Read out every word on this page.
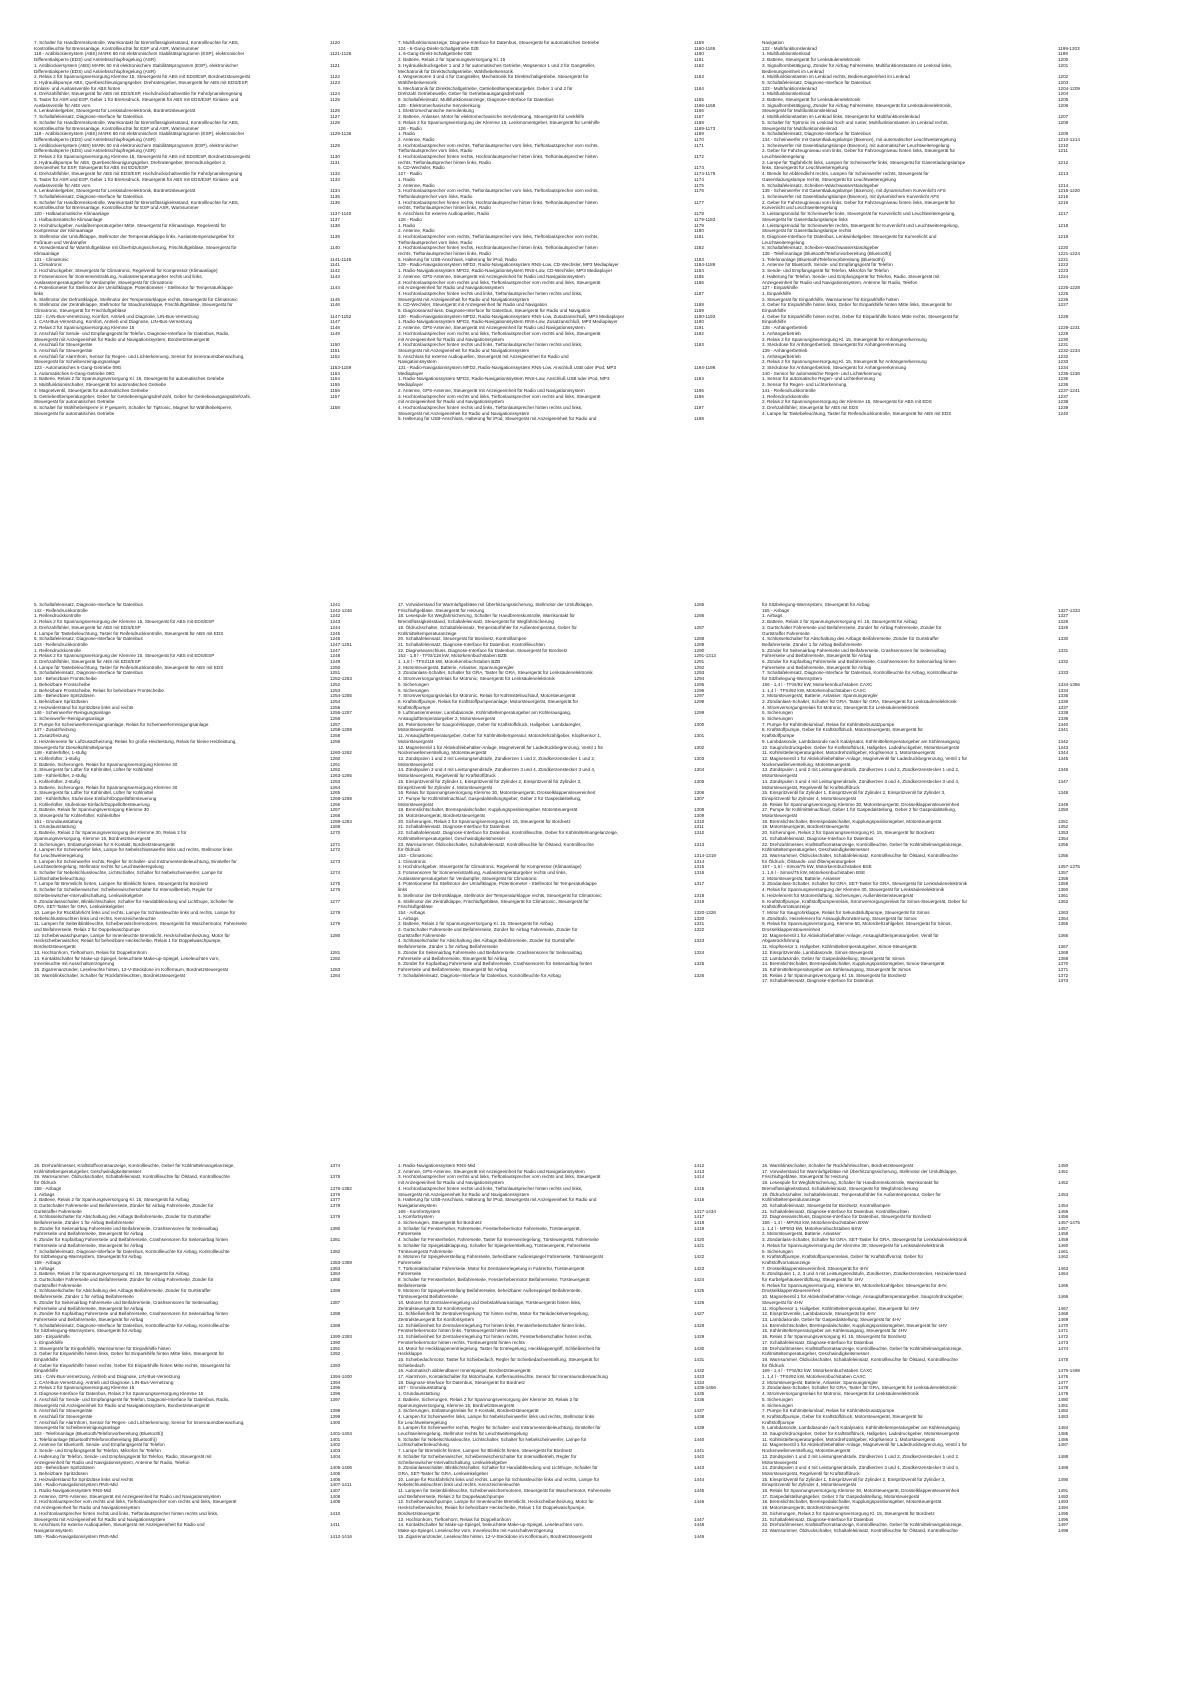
7. Schalter für Handbremskontrolle, Warnkontakt für Bremsflüssigkeitsstand, Kontrollleuchte für ABS,	1120
Kontrollleuchte für Bremsanlage, Kontrollleuchte für ESP und ASR, Warnsummer
118 - Antiblockiersystem (ABS) MARK 60 mit elektronischem Stabilitätsprogramm (ESP), elektronischer	1121-1128
Differentialsperre (EDS) und Antriebsschlupfregelung (ASR)
1. Antiblockiersystem (ABS) MARK 60 mit elektronischem Stabilitätsprogramm (ESP), elektronischer	1121
Differentialsperre (EDS) und Antriebsschlupfregelung (ASR)
2. Relais 2 für Spannungsversorgung Klemme 15, Steuergerät für ABS mit EDS/ESP, Bordnetzsteuergerät	1122
3. Hydraulikpumpe ABS, Querbeschleunigungsgeber, Drehratengeber, Steuergerät für ABS mit EDS/ESP,	1123
Einlass- und Auslassventile für ABS hinten
4. Drehzahlfühler, Steuergerät für ABS mit EDS/ESP, Hochdruckschaltventile für Fahrdynamikregelung	1124
5. Taster für ASR und ESP, Geber 1 für Bremsdruck, Steuergerät für ABS mit EDS/ESP, Einlass- und	1125
Auslassventile für ABS vorn
6. Lenkwinkelgeber, Steuergerät für Lenksäulenelektronik, Bordnetzsteuergerät	1126
7. Schaltafeleinsatz, Diagnose-Interface für Datenbus	1127
8. Schalter für Handbremskontrolle, Warnkontakt für Bremsflüssigkeitsstand, Kontrollleuchte für ABS,	1128
Kontrollleuchte für Bremsanlage, Kontrollleuchte für ESP und ASR, Warnsummer
119 - Antiblockiersystem (ABS) MARK 60 mit elektronischem Stabilitätsprogramm (ESP), elektronischer	1129-1136
Differentialsperre (EDS) und Antriebsschlupfregelung (ASR)
1. Antiblockiersystem (ABS) MARK 60 mit elektronischem Stabilitätsprogramm (ESP), elektronischer	1129
Differentialsperre (EDS) und Antriebsschlupfregelung (ASR)
2. Relais 2 für Spannungsversorgung Klemme 15, Steuergerät für ABS mit EDS/ESP, Bordnetzsteuergerät	1130
3. Hydraulikpumpe für ABS, Querbeschleunigungsgeber, Drehratengeber, Bremsdruckgeber 2,	1131
Servoeinheit für ESP, Steuergerät für ABS mit EDS/ESP
4. Drehzahlfühler, Steuergerät für ABS mit EDS/ESP, Hochdruckschaltventile für Fahrdynamikregelung	1132
5. Taster für ASR und ESP, Geber 1 für Bremsdruck, Steuergerät für ABS mit EDS/ESP, Einlass- und	1133
Auslassventile für ABS vorn
6. Lenkwinkelgeber, Steuergerät für Lenksäulenelektronik, Bordnetzsteuergerät	1134
7. Schaltafeleinsatz, Diagnose-Interface für Datenbus	1135
8. Schalter für Handbremskontrolle, Warnkontakt für Bremsflüssigkeitsstand, Kontrollleuchte für ABS,	1136
Kontrollleuchte für Bremsanlage, Kontrollleuchte für ESP und ASR, Warnsummer
120 - Halbautomatische Klimaanlage	1137-1140
1. Halbautomatische Klimaanlage	1137
2. Hochdruckgeber, Auslaßtemperaturgeber Mitte, Steuergerät für Klimaanlage, Regelventil für	1138
Kompressor der Klimaanlage
3. Stellmotor der Umluftklappe, Stellmotor der Temperaturklappe links, Auslasstemperaturgeber für	1139
Fußraum und Verdampfer
4. Vorwiderstand für Warmluftgebläse mit Überhitzungssicherung, Frischluftgebläse, Steuergerät für	1140
Klimaanlage
121 - Climatronic	1141-1146
1. Climatronic	1141
2. Hochdruckgeber, Steuergerät für Climatronic, Regelventil für Kompressor (Klimaanlage)	1142
3. Fotosensoren für Sonneneinstrahlung, Auslasstemperaturgeber rechts und links,	1143
Auslasstemperaturgeber für Verdampfer, Steuergerät für Climatronic
4. Potentiometer für Stellmotor der Umluftklappe, Potentiometer - Stellmotor für Temperaturklappe	1144
links
5. Stellmotor der Defrostklappe, Stellmotor der Temperaturklappe rechts, Steuergerät für Climatronic	1145
6. Stellmotor der Zentralklappe, Stellmotor für Staudruckklappe, Frischluftgebläse, Steuergerät für	1146
Climatronic, Steuergerät für Frischluftgebläse
122 - CAN-Bus-Vernetzung, Komfort, Antrieb und Diagnose, LIN-Bus-Vernetzung	1147-1152
1. CAN-Bus-Vernetzung, Komfort, Antrieb und Diagnose, LIN-Bus-Vernetzung	1147
2. Relais 2 für Spannungsversorgung Klemme 15	1148
3. Anschluß für Sende- und Empfangsgerät für Telefon, Diagnose-Interface für Datenbus, Radio,	1149
Steuergerät mit Anzeigeeinheit für Radio und Navigationssystem, Bordnetzsteuergerät
4. Anschluß für Steuergeräte	1150
5. Anschluß für Steuergeräte	1151
6. Anschluß für Alarmhorn, Sensor für Regen- und Lichterkennung, Sensor für Innenraumüberwachung,	1152
Steuergerät für Scheibenreinigungsanlage
123 - Automatisches 6-Gang-Getriebe 09G	1153-1159
1. Automatisches 6-Gang-Getriebe 09G	1153
2. Batterie, Relais 2 für Spannungsversorgung Kl. 15, Steuergerät für automatisches Getriebe	1154
3. Multifunktionsschalter, Steuergerät für automatisches Getriebe	1155
4. Magnetventil, Steuergerät für automatisches Getriebe	1156
5. Getriebeöltemperaturgeber, Geber für Getriebeeingangsdrehzahl, Geber für Getriebeausgangsdrehzahl,	1157
Steuergerät für automatisches Getriebe
6. Schalter für Wählhebelsperre in P gesperrt, Schalter für Tiptronic, Magnet für Wählhebelsperre,	1158
Steuergerät für automatisches Getriebe
7. Multifunktionsanzeige, Diagnose-Interface für Datenbus, Steuergerät für automatisches Getriebe	1159
124 - 6-Gang-Direkt-Schaltgetriebe 02E	1160-1165
1. 6-Gang-Direkt-Schaltgetriebe 02E	1160
2. Batterie, Relais 2 für Spannungsversorgung Kl. 15	1161
3. Hydraulikdrucksgeber 1 und 2 für automatisches Getriebe, Wegsensor 1 und 2 für Gangsteller,	1162
Mechatronik für Direktschaltgetriebe, Wählhebelsensorik
4. Wegsensoren 3 und 4 für Gangsteller, Mechatronik für Direktschaltgetriebe, Steuergerät für	1163
Wählhebelsensorik
5. Mechatronik für Direktschaltgetriebe, Getriebeöltemperaturgeber, Geber 1 und 2 für	1164
Drehzahl Getriebewelle, Geber für Getriebeausgangsdrehzahl
6. Schaltafeleinsatz, Multifunktionsanzeige, Diagnose-Interface für Datenbus	1165
125 - Elektromechanische Servolenkung	1166-1168
1. Elektromechanische Servolenkung	1166
2. Batterie, Anlasser, Motor für elektromechanische Servolenkung, Steuergerät für Lenkhilfe	1167
3. Relais 2 für Spannungsversorgung der Klemme 15, Lenkmomentgeber, Steuergerät für Lenkhilfe	1168
126 - Radio	1169-1173
1. Radio	1169
2. Antenne, Radio	1170
3. Hochtonlautsprecher vorn rechts, Tieftonlautsprecher vorn links, Tieftonlautsprecher vorn rechts,	1171
Tieftonlautsprecher vorn links, Radio
4. Hochtonlautsprecher hinten rechts, Hochtonlautsprecher hinten links, Tieftonlautsprecher hinten	1172
rechts, Tieftonlautsprecher hinten links, Radio
5. CD-Wechsler, Radio	1173
127 - Radio	1174-1178
1. Radio	1174
2. Antenne, Radio	1175
3. Hochtonlautsprecher vorn rechts, Tieftonlautsprecher vorn links, Tieftonlautsprecher vorn rechts,	1176
Tieftonlautsprecher vorn links, Radio
4. Hochtonlautsprecher hinten rechts, Hochtonlautsprecher hinten links, Tieftonlautsprecher hinten	1177
rechts, Tieftonlautsprecher hinten links, Radio
5. Anschluss für externe Audioquellen, Radio	1178
128 - Radio	1179-1183
1. Radio	1179
2. Antenne, Radio	1180
3. Hochtonlautsprecher vorn rechts, Tieftonlautsprecher vorn links, Tieftonlautsprecher vorn rechts,	1181
Tieftonlautsprecher vorn links, Radio
4. Hochtonlautsprecher hinten rechts, Hochtonlautsprecher hinten links, Tieftonlautsprecher hinten	1182
rechts, Tieftonlautsprecher hinten links, Radio
5. Halterung für USB-Anschluss, Halterung für iPod, Radio	1183
129 - Radio-Navigationssystem MFD2, Radio-Navigationssystem RNS-Low, CD-Wechsler, MP3 Mediaplayer	1184-1189
1. Radio-Navigationssystem MFD2, Radio-Navigationssystem RNS-Low, CD-Wechsler, MP3 Mediaplayer	1184
2. Antenne, GPS-Antenne, Steuergerät mit Anzeigeeinheit für Radio und Navigationssystem	1185
3. Hochtonlautsprecher vorn rechts und links, Tieftonlautsprecher vorn rechts und links, Steuergerät	1186
mit Anzeigeeinheit für Radio und Navigationssystem
4. Hochtonlautsprecher hinten rechts und links, Tieftonlautsprecher hinten rechts und links,	1187
Steuergerät mit Anzeigeeinheit für Radio und Navigationssystem
5. CD-Wechsler, Steuergerät mit Anzeigeeinheit für Radio und Navigation	1188
6. Diagnoseanschluss, Diagnose-Interface für Datenbus, Steuergerät für Radio und Navigation	1189
130 - Radio-Navigationssystem MFD2, Radio-Navigationssystem RNS-Low, Zusatzanschluß, MP3 Mediaplayer	1190-1193
1. Radio-Navigationssystem MFD2, Radio-Navigationssystem RNS-Low, Zusatzanschluß, MP3 Mediaplayer	1190
2. Antenne, GPS-Antenne, Steuergerät mit Anzeigeeinheit für Radio und Navigationssystem	1191
3. Hochtonlautsprecher vorn rechts und links, Tieftonlautsprecher vorn rechts und links, Steuergerät	1192
mit Anzeigeeinheit für Radio und Navigationssystem
4. Hochtonlautsprecher hinten rechts und links, Tieftonlautsprecher hinten rechts und links,	1193
Steuergerät mit Anzeigeeinheit für Radio und Navigationssystem
5. Anschluss für externe Audioquellen, Steuergerät mit Anzeigeeinheit für Radio und
Navigationssystem
131 - Radio-Navigationssystem MFD2, Radio-Navigationssystem RNS-Low, Anschluß USB oder iPod, MP3	1194-1198
Mediaplayer
1. Radio-Navigationssystem MFD2, Radio-Navigationssystem RNS-Low, Anschluß USB oder iPod, MP3	1194
Mediaplayer
2. Antenne, GPS-Antenne, Steuergerät mit Anzeigeeinheit für Radio und Navigationssystem	1195
3. Hochtonlautsprecher vorn rechts und links, Tieftonlautsprecher vorn rechts und links, Steuergerät	1196
mit Anzeigeeinheit für Radio und Navigationssystem
4. Hochtonlautsprecher hinten rechts und links, Tieftonlautsprecher hinten rechts und links,	1197
Steuergerät mit Anzeigeeinheit für Radio und Navigationssystem
5. Halterung für USB-Anschluss, Halterung für iPod, Steuergerät mit Anzeigeeinheit für Radio und	1198
Navigation
132 - Multifunktionslenkrad	1199-1203
1. Multifunktionslenkrad	1199
2. Batterie, Steuergerät für Lenksäulenelektronik	1200
3. Signalhornbetätigung, Zünder für Airbag Fahrerseite, Multifunktionstasten im Lenkrad links,	1201
Bedienungseinheit im Lenkrad
4. Multifunktionstasten im Lenkrad rechts, Bedienungseinheit im Lenkrad	1202
5. Schaltafeleinsatz, Diagnose-Interface für Datenbus	1203
133 - Multifunktionslenkrad	1204-1209
1. Multifunktionslenkrad	1204
2. Batterie, Steuergerät für Lenksäulenelektronik	1205
3. Signalhornbetätigung, Zünder für Airbag Fahrerseite, Steuergerät für Lenksäulenelektronik,	1206
Steuergerät für Multifunktionslenkrad
4. Multifunktionstasten im Lenkrad links, Steuergerät für Multifunktionslenkrad	1207
5. Schalter für Tiptronic im Lenkrad hoch und runter, Multifunktionstasten im Lenkrad rechts,	1208
Steuergerät für Multifunktionslenkrad
6. Schaltafeleinsatz, Diagnose-Interface für Datenbus	1209
134 - Scheinwerfer mit Gasentladungslampe (Bixenon), mit automatischer Leuchtweiteregelung	1210-1214
1. Scheinwerfer mit Gasentladungslampe (Bixenon), mit automatischer Leuchtweiteregelung	1210
2. Geber für Fahrzeugniveau vorn links, Geber für Fahrzeugniveau hinten links, Steuergerät für	1211
Leuchtweiteregelung
3. Lampe für Tagfahrlicht links, Lampen für Scheinwerfer links, Steuergerät für Gasentladungslampe	1212
links, Steuergerät für Leuchtweiteregelung
4. Blende für Abblendlicht rechts, Lampen für Scheinwerfer rechts, Steuergerät für	1213
Gasentladungslampe rechts, Steuergerät für Leuchtweiteregelung
5. Schaltafeleinsatz, Scheiben-Waschwasserstandsgeber	1214
135 - Scheinwerfer mit Gasentladungslampe (Bixenon), mit dynamischem Kurvenlicht AFS	1215-1220
1. Scheinwerfer mit Gasentladungslampe (Bixenon), mit dynamischem Kurvenlicht AFS	1215
2. Geber für Fahrzeugniveau vorn links, Geber für Fahrzeugniveau hinten links, Steuergerät für	1216
Kurvenlicht und Leuchtweiteregelung
3. Leistungsmodul für Scheinwerfer links, Steuergerät für Kurvenlicht und Leuchtweiteregelung,	1217
Steuergerät für Gasentladungslampe links
4. Leistungsmodul für Scheinwerfer rechts, Steuergerät für Kurvenlicht und Leuchtweiteregelung,	1218
Steuergerät für Gasentladungslampe rechts
5. Diagnose-Interface für Datenbus, Lenkwinkelgeber, Steuergerät für Kurvenlicht und	1219
Leuchtweiteregelung
6. Schaltafeleinsatz, Scheiben-Waschwasserstandsgeber	1220
136 - Telefonanlage (Bluetooth/Telefonvorbereitung (Bluetooth))	1221-1224
1. Telefonanlage (Bluetooth/Telefonvorbereitung (Bluetooth))	1221
2. Antenne für Bluetooth, Sende- und Empfangsgerät für Telefon	1222
3. Sende- und Empfangsgerät für Telefon, Mikrofon für Telefon	1223
4. Halterung für Telefon, Sende- und Empfangsgerät für Telefon, Radio, Steuergerät mit	1224
Anzeigeeinheit für Radio und Navigationssystem, Antenne für Radio, Telefon
137 - Einparkhilfe	1225-1228
1. Einparkhilfe	1225
2. Steuergerät für Einparkhilfe, Warnsummer für Einparkhilfe hinten	1226
3. Geber für Einparkhilfe hinten links, Geber für Einparkhilfe hinten Mitte links, Steuergerät für	1227
Einparkhilfe
4. Geber für Einparkhilfe hinten rechts, Geber für Einparkhilfe hinten Mitte rechts, Steuergerät für	1228
Einparkhilfe
138 - Anhängerbetrieb	1229-1231
1. Anhängerbetrieb	1229
2. Relais 2 für Spannungsversorgung Kl. 15, Steuergerät für Anhängererkennung	1230
3. Steckdose für Anhängerbetrieb, Steuergerät für Anhängererkennung	1231
139 - Anhängerbetrieb	1232-1234
1. Anhängerbetrieb	1232
2. Relais 2 für Spannungsversorgung Kl. 15, Steuergerät für Anhängererkennung	1233
3. Steckdose für Anhängerbetrieb, Steuergerät für Anhängererkennung	1234
140 - Sensor für automatische Regen- und Lichterkennung	1235-1236
1. Sensor für automatische Regen- und Lichterkennung	1235
2. Sensor für Regen- und Lichterkennung	1236
141 - Reifendruckkontrolle	1237-1241
1. Reifendruckkontrolle	1237
2. Relais 2 für Spannungsversorgung der Klemme 15, Steuergerät für ABS mit EDS	1238
3. Drehzahlfühler, Steuergerät für ABS mit EDS	1239
4. Lampe für Tastebeleuchtung, Taster für Reifendruckkontrolle, Steuergerät für ABS mit EDS	1240
5. Schaltafeleinsatz, Diagnose-Interface für Datenbus	1241
142 - Reifendruckkontrolle	1242-1246
1. Reifendruckkontrolle	1242
2. Relais 2 für Spannungsversorgung der Klemme 15, Steuergerät für ABS mit EDS/ESP	1243
3. Drehzahlfühler, Steuergerät für ABS mit EDS/ESP	1244
4. Lampe für Tastebeleuchtung, Taster für Reifendruckkontrolle, Steuergerät für ABS mit EDS	1245
5. Schaltafeleinsatz, Diagnose-Interface für Datenbus	1246
143 - Reifendruckkontrolle	1247-1251
1. Reifendruckkontrolle	1247
2. Relais 2 für Spannungsversorgung der Klemme 15, Steuergerät für ABS mit EDS/ESP	1248
3. Drehzahlfühler, Steuergerät für ABS mit EDS/ESP	1249
4. Lampe für Tastebeleuchtung, Taster für Reifendruckkontrolle, Steuergerät für ABS mit EDS	1250
5. Schaltafeleinsatz, Diagnose-Interface für Datenbus	1251
144 - Beheizbare Frontscheibe	1252-1253
1. Beheizbare Frontscheibe	1252
2. Beheizbare Frontscheibe, Relais für beheizbare Frontscheibe	1253
145 - Beheizbare Spritzdüsen	1254-1255
1. Beheizbare Spritzdüsen	1254
2. Heizwiderstand für Spritzdüse links und rechts	1255
146 - Scheinwerfer-Reinigungsanlage	1256-1257
1. Scheinwerfer-Reinigungsanlage	1256
2. Pumpe für Scheinwerferreinigungsanlage, Relais für Scheinwerferreinigungsanlage	1257
147 - Zusatzheizung	1258-1259
1. Zusatzheizung	1258
2. Heizelemente für Luftzusatzheizung, Relais für große Heizleistung, Relais für kleine Heizleistung,	1259
Steuergerät für Dieselkühlmittelpumpe
148 - Kühlerlüfter, 1-stufig	1260-1262
1. Kühlerlüfter, 1-stufig	1260
2. Batterie, Sicherungen, Relais für Spannungsversorgung Klemme 30	1261
3. Steuergerät für Lüfter für Kühlmittel, Lüfter für Kühlmittel	1262
149 - Kühlerlüfter, 2-stufig	1263-1265
1. Kühlerlüfter, 2-stufig	1263
2. Batterie, Sicherungen, Relais für Spannungsversorgung Klemme 30	1264
3. Steuergerät für Lüfter für Kühlmittel, Lüfter für Kühlmittel	1265
150 - Kühlerlüfter, Stufenlose Einfach/Doppellüftersteuerung	1266-1268
1. Kühlerlüfter, Stufenlose Einfach/Doppellüftersteuerung	1266
2. Batterie, Relais für Spannungsversorgung Klemme 30	1267
3. Steuergerät für Kühlerlüfter, Kühlerlüfter	1268
151 - Grundausstattung	1269-1284
1. Grundausstattung	1269
2. Batterie, Relais 2 für Spannungsversorgung der Klemme 30, Relais 2 für	1270
Spannungsversorgung, Klemme 15, Bordnetzsteuergerät
3. Sicherungen, Entlastungsrelais für X-Kontakt, Bordnetzsteuergerät	1271
4. Lampen für Scheinwerfer links, Lampe für Nebelschlusswerfer links und rechts, Stellmotor links	1272
für Leuchtweiteregelung
5. Lampen für Scheinwerfer rechts, Regler für Schalter- und Instrumentenbeleuchtung, Einsteller für	1273
Leuchtweiteregelung, Stellmotor rechts für Leuchtweiteregelung
6. Schalter für Nebelschlussleuchte, Lichtschalter, Schalter für Nebelscheinwerfer, Lampe für	1274
Lichtschalterbeleuchtung
7. Lampe für Bremslicht hinten, Lampen für Blinklicht hinten, Steuergerät für Bordnetz	1275
8. Schalter für Scheibenwischer, Scheibenwischerschalter für Intervallbetrieb, Regler für	1276
Scheibenwischer-Intervallschaltung, Lenkwinkelgeber
9. Zündanlassschalter, Blinklichtschalter, Schalter für Handabblendung und Lichthupe, Schalter für	1277
GRA, SET-Taster für GRA, Lenkwinkelgeber
10. Lampe für Rückfahrlicht links und rechts, Lampe für Schlussleuchte links und rechts, Lampe für	1278
Nebelschlussleuchten links und rechts, Kennzeichenleuchte
11. Lampen für Seitenblinkleuchte, Scheibenwischermotoren, Steuergerät für Waschermotor, Fahrerseite	1279
und Beifahrerseite, Relais 2 für Doppelwaschpumpe
12. Scheibenwaschpumpe, Lampe für Innenleuchte Bremslicht, Heckscheibenheizung, Motor für	1280
Heckscheibenwischer, Relais für beheizbare Heckscheibe, Relais 1 für Doppelwaschpumpe,
Bordnetzsteuergerät
13. Hochtonhorn, Tieftonhorn, Relais für Doppeltonhorn	1281
14. Kontaktschalter für Make-up-Spiegel, beleuchtete Make-up-Spiegel, Leseleuchten vorn,	1282
Innenleuchte mit Ausschaltverzögerung
15. Zigarrenanzünder, Leseleuchte hinten, 12-V-Steckdose im Kofferraum, Bordnetzsteuergerät	1283
16. Warnblinkschalter, Schalter für Rückfahrleuchten, Bordnetzsteuergerät	1284
17. Vorwiderstand für Warmluftgebläse mit Überhitzungssicherung, Stellmotor der Umluftklappe,	1285
Frischluftgebläse, Steuergerät für Heizung
18. Lesespule für Wegfahrsicherung, Schalter für Handbremskontrolle, Warnkontakt für	1286
Bremsflüssigkeitsstand, Schaltafeleinsatz, Steuergerät für Wegfahrsicherung
19. Öldruckschalter, Schaltafeleinsatz, Temperaturfühler für Außentemperatur, Geber für	1287
Kühlmitteltemperaturanzeige
20. Schaltafeleinsatz, Steuergerät für Bordnetz, Kontrolllampen	1288
21. Schaltafeleinsatz, Diagnose-Interface für Datenbus, Kontrollleuchten	1289
22. Diagnoseanschluss, Diagnose-Interface für Datenbus, Steuergerät für Bordnetz	1290
152 - 1,8 l - TFSI/118 kW, Motorkennbuchstaben BZB	1291-1313
1. 1,8 l - TFSI/118 kW, Motorkennbuchstaben BZB	1291
2. Motorsteuergerät, Batterie, Anlasser, Spannungsregler	1292
3. Zündanlass-Schalter, Schalter für GRA, Taster für GRA, Steuergerät für Lenksäulenelektronik	1293
4. Stromversorgungsrelais für Motronic, Steuergerät für Lenksäulenelektronik	1294
5. Sicherungen	1295
6. Sicherungen	1296
7. Stromversorgungsrelais für Motronic, Relais für Kühlmittelnachlauf, Motorsteuergerät	1297
8. Kraftstoffpumpe, Relais für Kraftstoffpumpenanlage, Motorsteuergerät, Steuergerät für	1298
Kraftstoffpumpe
9. Luftmassenmesser, Lambdasonde, Kühlmitteltemperaturgeber am Kühlerausgang,	1299
Ansauglufttemperaturgeber 2, Motorsteuergerät
10. Potentiometer für Saugrohrklappe, Geber für Kraftstoffdruck, Hallgeber, Lambdaregler,	1300
Motorsteuergerät
11. Ansauglufttemperaturgeber, Geber für Kühlmitteltemperatur, Motordrehzahlgeber, Klopfsensor 1,	1301
Motorsteuergerät
12. Magnetventil 1 für Aktivkohlebehälter-Anlage, Magnetventil für Ladedruckbegrenzung, Ventil 1 für	1302
Nockenwellenverstellung, Motorsteuergerät
13. Zündspulen 1 und 2 mit Leistungsendstufe, Zündkerzen 1 und 2, Zündkerzenstecker 1 und 2,	1303
Motorsteuergerät
14. Zündspulen 3 und 4 mit Leistungsendstufe, Zündkerzen 3 und 4, Zündkerzenstecker 3 und 4,	1304
Motorsteuergerät, Regelventil für Kraftstoffdruck
15. Einspritzventil für Zylinder 1, Einspritzventil für Zylinder 2, Einspritzventil für Zylinder 3,	1305
Einspritzventil für Zylinder 4, Motorsteuergerät
16. Relais für Spannungsversorgung Klemme 30, Motorsteuergerät, Drosselklappensteuereinheit	1306
17. Pumpe für Kühlmittelnachlauf, Gaspedalstellungsgeber, Geber 2 für Gaspedalstellung,	1307
Motorsteuergerät
18. Bremslichtschalter, Bremspedalschalter, Kupplungspositionsgeber, Motorsteuergerät	1308
19. Motorsteuergerät, Bordnetzsteuergerät	1309
20. Sicherungen, Relais 2 für Spannungsversorgung Kl. 15, Steuergerät für Bordnetz	1310
21. Schaltafeleinsatz, Diagnose-Interface für Datenbus	1311
22. Schaltafeleinsatz, Diagnose-Interface für Datenbus, Kontrollleuchte, Geber für Kühlmittelmangelanzeige,	1312
Kühlmitteltemperaturgeber, Geschwindigkeitsmesser
23. Warnsummer, Öldruckschalter, Schaltafeleinsatz, Kontrollleuchte für Ölstand, Kontrollleuchte	1313
für Öldruck
153 - Climatronic	1314-1319
1. Climatronic	1314
2. Hochdruckgeber, Steuergerät für Climatronic, Regelventil für Kompressor (Klimaanlage)	1315
3. Fotosensoren für Sonneneinstrahlung, Auslasstemperaturgeber rechts und links,	1316
Auslasstemperaturgeber für Verdampfer, Steuergerät für Climatronic
4. Potentiometer für Stellmotor der Umluftklappe, Potentiometer - Stellmotor für Temperaturklappe	1317
links
5. Stellmotor der Defrostklappe, Stellmotor der Temperaturklappe rechts, Steuergerät für Climatronic	1318
6. Stellmotor der Zentralklappe, Frischluftgebläse, Steuergerät für Climatronic, Steuergerät für	1319
Frischluftgebläse
154 - Airbags	1320-1326
1. Airbags	1320
2. Batterie, Relais 2 für Spannungsversorgung Kl. 15, Steuergerät für Airbag	1321
3. Gurtschalter Fahrerseite und Beifahrerseite, Zünder für Airbag Fahrerseite, Zünder für	1322
Gurtstraffer Fahrerseite
4. Schlüsselschalter für Abschaltung des Airbags Beifahrerseite, Zünder für Gurtstraffer	1323
Beifahrerseite, Zünder 1 für Airbag Beifahrerseite
5. Zünder für Seitenairbag Fahrerseite und Beifahrerseite, Crashsensoren für Seitenairbag	1324
Fahrerseite und Beifahrerseite, Steuergerät für Airbag
6. Zünder für Kopfairbag Fahrerseite und Beifahrerseite, Crashsensoren für Seitenairbag hinten	1325
Fahrerseite und Beifahrerseite, Steuergerät für Airbag
7. Schaltafeleinsatz, Diagnose-Interface für Datenbus, Kontrollleuchte für Airbag	1326
für Sitzbelegung-Warnsystem, Steuergerät für Airbag
155 - Airbags	1327-1333
1. Airbags	1327
2. Batterie, Relais 2 für Spannungsversorgung Kl. 15, Steuergerät für Airbag	1328
3. Gurtschalter Fahrerseite und Beifahrerseite, Zünder für Airbag Fahrerseite, Zünder für	1329
Gurtstraffer Fahrerseite
4. Schlüsselschalter für Abschaltung des Airbags Beifahrerseite, Zünder für Gurtstraffer	1330
Beifahrerseite, Zünder 1 für Airbag Beifahrerseite
5. Zünder für Seitenairbag Fahrerseite und Beifahrerseite, Crashsensoren für Seitenairbag	1331
Fahrerseite und Beifahrerseite, Steuergerät für Airbag
6. Zünder für Kopfairbag Fahrerseite und Beifahrerseite, Crashsensoren für Seitenairbag hinten	1332
Fahrerseite und Beifahrerseite, Steuergerät für Airbag
7. Schaltafeleinsatz, Diagnose-Interface für Datenbus, Kontrollleuchte für Airbag, Kontrollleuchte	1333
für Sitzbelegung-Warnsystem
156 - 1,4 l - TFSI/92 kW, Motorkennbuchstaben CAXC	1334-1356
1. 1,4 l - TFSI/92 kW, Motorkennbuchstaben CAXC	1334
2. Motorsteuergerät, Batterie, Anlasser, Spannungsregler	1335
3. Zündanlass-Schalter, Schalter für GRA, Taster für GRA, Steuergerät für Lenksäulenelektronik	1336
4. Stromversorgungsrelais für Motronic, Steuergerät für Lenksäulenelektronik	1337
5. Sicherungen	1338
6. Sicherungen	1339
7. Pumpe für Kühlmittelumlauf, Relais für Kühlmittelzusatzpumpe	1340
8. Kraftstoffpumpe, Geber für Kraftstoffdruck, Motorsteuergerät, Steuergerät für	1341
Kraftstoffpumpe
9. Lambdasonde, Lambdasonde nach Katalysator, Kühlmitteltemperaturgeber am Kühlerausgang	1342
10. Saugrohrdruckgeber, Geber für Kraftstoffdruck, Hallgeber, Ladedruckgeber, Motorsteuergerät	1343
11. Kühlmitteltemperaturgeber, Motordrehzahlgeber, Klopfsensor 1, Motorsteuergerät	1344
12. Magnetventil 1 für Aktivkohlebehälter-Anlage, Magnetventil für Ladedruckbegrenzung, Ventil 1 für	1345
Nockenwellenverstellung, Motorsteuergerät
13. Zündspulen 1 und 2 mit Leistungsendstufe, Zündkerzen 1 und 2, Zündkerzenstecker 1 und 2,	1346
Motorsteuergerät
14. Zündspulen 3 und 4 mit Leistungsendstufe, Zündkerzen 3 und 4, Zündkerzenstecker 3 und 4,	1347
Motorsteuergerät, Regelventil für Kraftstoffdruck
15. Einspritzventil für Zylinder 1, Einspritzventil für Zylinder 2, Einspritzventil für Zylinder 3,	1348
Einspritzventil für Zylinder 4, Motorsteuergerät
16. Relais für Spannungsversorgung Klemme 30, Motorsteuergerät, Drosselklappensteuereinheit	1349
17. Pumpe für Kühlmittelnachlauf, Geber 1 für Gaspedalstellung, Geber 2 für Gaspedalstellung,	1350
Motorsteuergerät
18. Bremslichtschalter, Bremspedalschalter, Kupplungspositionsgeber, Motorsteuergerät	1351
19. Motorsteuergerät, Bordnetzsteuergerät	1352
20. Sicherungen, Relais 2 für Spannungsversorgung Kl. 15, Steuergerät für Bordnetz	1353
21. Schaltafeleinsatz, Diagnose-Interface für Datenbus	1354
22. Drehzahlmesser, Kraftstoffvorratsanzeige, Kontrollleuchte, Geber für Kühlmittelmangelanzeige,	1355
Kühlmitteltemperaturgeber, Geschwindigkeitsmesser
23. Warnsummer, Öldruckschalter, Schaltafeleinsatz, Kontrollleuchte für Ölstand, Kontrollleuchte	1356
für Öldruck, Ölstands- und Öltemperaturgeber
157 - 1,6 l - Simos/75 kW, Motorkennbuchstaben BSE	1357-1375
1. 1,6 l - Simos/75 kW, Motorkennbuchstaben BSE	1357
2. Motorsteuergerät, Batterie, Anlasser	1358
3. Zündanlass-Schalter, Schalter für GRA, SET-Taster für GRA, Steuergerät für Lenksäulenelektronik	1359
4. Relais für Spannungsversorgung der Klemme 30, Steuergerät für Lenksäulenelektronik	1360
5. Heizelement für Motorentlüftung, Sicherungen, Außenleistensteuergerät	1361
6. Kraftstoffpumpe, Kraftstoffpumpenrelais, Stromversorgungsrelais für Simos-Steuergerät, Geber für	1362
Kraftstoffvorratsanzeige
7. Motor für Saugrohrklappe, Relais für Sekundärluftpumpe, Steuergerät für Simos	1363
8. Zündtrafo, Heizelement für Ansaugluftvorwärmung, Steuergerät für Simos	1364
9. Relais für Spannungsversorgung, Klemme 50, Motordrehzahlgeber, Steuergerät für Simos,	1365
Drosselklappensteuereinheit
10. Magnetventil 1 für Aktivkohlebehälter-Anlage, Ansauglufttemperaturgeber, Ventil für	1366
Abgasrückführung
11. Klopfsensor 1, Hallgeber, Kühlmitteltemperaturgeber, Simos-Steuergerät	1367
12. Einspritzventile, Lambdasonde, Simos-Steuergerät	1368
13. Lambdasonde, Geber für Gaspedalstellung, Steuergerät für Simos	1369
14. Bremslichtschalter, Bremspedalschalter, Kupplungspositionsgeber, Simos-Steuergerät	1370
15. Kühlmitteltemperaturgeber am Kühlerausgang, Steuergerät für Simos	1371
16. Relais 2 für Spannungsversorgung Kl. 15, Steuergerät für Bordnetz	1372
17. Schaltafeleinsatz, Diagnose-Interface für Datenbus	1373
18. Drehzahlmesser, Kraftstoffvorratsanzeige, Kontrollleuchte, Geber für Kühlmittelmangelanzeige,	1374
Kühlmitteltemperaturgeber, Geschwindigkeitsmesser
19. Warnsummer, Öldruckschalter, Schaltafeleinsatz, Kontrollleuchte für Ölstand, Kontrollleuchte	1375
für Öldruck
158 - Airbags	1376-1382
1. Airbags	1376
2. Batterie, Relais 2 für Spannungsversorgung Kl. 15, Steuergerät für Airbag	1377
3. Gurtschalter Fahrerseite und Beifahrerseite, Zünder für Airbag Fahrerseite, Zünder für	1378
Gurtstraffer Fahrerseite
4. Schlüsselschalter für Abschaltung des Airbags Beifahrerseite, Zünder für Gurtstraffer	1379
Beifahrerseite, Zünder 1 für Airbag Beifahrerseite
5. Zünder für Seitenairbag Fahrerseite und Beifahrerseite, Crashsensoren für Seitenairbag	1380
Fahrerseite und Beifahrerseite, Steuergerät für Airbag
6. Zünder für Kopfairbag Fahrerseite und Beifahrerseite, Crashsensoren für Seitenairbag hinten	1381
Fahrerseite und Beifahrerseite, Steuergerät für Airbag
7. Schaltafeleinsatz, Diagnose-Interface für Datenbus, Kontrollleuchte für Airbag, Kontrollleuchte	1382
für Sitzbelegung-Warnsystem, Steuergerät für Airbag
159 - Airbags	1383-1389
1. Airbags	1383
2. Batterie, Relais 2 für Spannungsversorgung Kl. 15, Steuergerät für Airbag	1384
3. Gurtschalter Fahrerseite und Beifahrerseite, Zünder für Airbag Fahrerseite, Zünder für	1385
Gurtstraffer Fahrerseite
4. Schlüsselschalter für Abschaltung des Airbags Beifahrerseite, Zünder für Gurtstraffer	1386
Beifahrerseite, Zünder 1 für Airbag Beifahrerseite
5. Zünder für Seitenairbag Fahrerseite und Beifahrerseite, Crashsensoren für Seitenairbag	1387
Fahrerseite und Beifahrerseite, Steuergerät für Airbag
6. Zünder für Kopfairbag Fahrerseite und Beifahrerseite, Crashsensoren für Seitenairbag hinten	1388
Fahrerseite und Beifahrerseite, Steuergerät für Airbag
7. Schaltafeleinsatz, Diagnose-Interface für Datenbus, Kontrollleuchte für Airbag, Kontrollleuchte	1389
für Sitzbelegung-Warnsystem, Steuergerät für Airbag
160 - Einparkhilfe	1390-1393
1. Einparkhilfe	1390
2. Steuergerät für Einparkhilfe, Warnsummer für Einparkhilfe hinten	1391
3. Geber für Einparkhilfe hinten links, Geber für Einparkhilfe hinten Mitte links, Steuergerät für	1392
Einparkhilfe
4. Geber für Einparkhilfe hinten rechts, Geber für Einparkhilfe hinten Mitte rechts, Steuergerät für	1393
Einparkhilfe
161 - CAN-Bus-Vernetzung, Antrieb und Diagnose, LIN-Bus-Vernetzung	1394-1400
1. CAN-Bus-Vernetzung, Antrieb und Diagnose, LIN-Bus-Vernetzung	1394
2. Relais 2 für Spannungsversorgung Klemme 15	1395
3. Diagnose-Interface für Datenbus, Relais 2 für Spannungsversorgung Klemme 15	1396
4. Anschluß für Sende- und Empfangsgerät für Telefon, Diagnose-Interface für Datenbus, Radio,	1397
Steuergerät mit Anzeigeeinheit für Radio und Navigationssystem, Bordnetzsteuergerät
5. Anschluß für Steuergeräte	1398
6. Anschluß für Steuergeräte	1399
7. Anschluß für Alarmhorn, Sensor für Regen- und Lichterkennung, Sensor für Innenraumüberwachung,	1400
Steuergerät für Scheibenreinigungsanlage
162 - Telefonanlage (Bluetooth/Telefonvorbereitung (Bluetooth))	1401-1404
1. Telefonanlage (Bluetooth/Telefonvorbereitung (Bluetooth))	1401
2. Antenne für Bluetooth, Sende- und Empfangsgerät für Telefon	1402
3. Sende- und Empfangsgerät für Telefon, Mikrofon für Telefon	1403
4. Halterung für Telefon, Sende- und Empfangsgerät für Telefon, Radio, Steuergerät mit	1404
Anzeigeeinheit für Radio und Navigationssystem, Antenne für Radio, Telefon
163 - Beheizbare Spritzdüsen	1405-1406
1. Beheizbare Spritzdüsen	1405
2. Heizwiderstand für Spritzdüse links und rechts	1406
164 - Radio-Navigationssystem RNS-Mid	1407-1411
1. Radio-Navigationssystem RNS-Mid	1407
2. Antenne, GPS-Antenne, Steuergerät mit Anzeigeeinheit für Radio und Navigationssystem	1408
3. Hochtonlautsprecher vorn rechts und links, Tieftonlautsprecher vorn rechts und links, Steuergerät	1409
mit Anzeigeeinheit für Radio und Navigationssystem
4. Hochtonlautsprecher hinten rechts und links, Tieftonlautsprecher hinten rechts und links,	1410
Steuergerät mit Anzeigeeinheit für Radio und Navigationssystem
5. Anschluss für externe Audioquellen, Steuergerät mit Anzeigeeinheit für Radio und	1411
Navigationssystem
165 - Radio-Navigationssystem RNS-Mid	1412-1416
1. Radio-Navigationssystem RNS-Mid	1412
2. Antenne, GPS-Antenne, Steuergerät mit Anzeigeeinheit für Radio und Navigationssystem	1413
3. Hochtonlautsprecher vorn rechts und links, Tieftonlautsprecher vorn rechts und links, Steuergerät	1414
mit Anzeigeeinheit für Radio und Navigationssystem
4. Hochtonlautsprecher hinten rechts und links, Tieftonlautsprecher hinten rechts und links,	1415
Steuergerät mit Anzeigeeinheit für Radio und Navigationssystem
5. Halterung für USB-Anschluss, Halterung für iPod, Steuergerät mit Anzeigeeinheit für Radio und	1416
Navigationssystem
166 - Komfortsystem	1417-1434
1. Komfortsystem	1417
2. Sicherungen, Steuergerät für Bordnetz	1418
3. Schalter für Fensterheber, Fahrerseite, Fensterhebermotor Fahrerseite, Türsteuergerät,	1419
Fahrerseite
4. Schalter für Fensterheber, Fahrerseite, Taster für Innenverriegelung, Türsteuergerät, Fahrerseite	1420
5. Schalter für Spiegelabklappung, Schalter für Spiegelverstellung, Türsteuergerät, Fahrerseite	1421
Türsteuergerät Fahrerseite
6. Motoren für Spiegelverstellung Fahrerseite, beheizbarer Außenspiegel Fahrerseite, Türsteuergerät	1422
Fahrerseite
7. Türkontaktschalter Fahrerseite, Motor für Zentralverriegelung in Fahrertür, Türsteuergerät	1423
Fahrerseite
8. Schalter für Fensterheber, Beifahrerseite, Fensterhebermotor Beifahrerseite, Türsteuergerät	1424
Beifahrerseite
9. Motoren für Spiegelverstellung Beifahrerseite, beheizbarer Außenspiegel Beifahrerseite,	1425
Türsteuergerät Beifahrerseite
10. Motoren für Zentralverriegelung und Diebstahlwarnanlage, Türsteuergerät hinten links,	1426
Zentralsteuergerät für Komfortsystem
11. Schließeinheit für Zentralverriegelung Tür hinten rechts, Motor für Tankdeckelverriegelung,	1427
Zentralsteuergerät für Komfortsystem
12. Schließeinheit für Zentralverriegelung Tür hinten links, Fensterheberschalter hinten links,	1428
Fensterhebermotor hinten links, Türsteuergerät hinten links
13. Schließeinheit für Zentralverriegelung Tür hinten rechts, Fensterheberschalter hinten rechts,	1429
Fensterhebermotor hinten rechts, Türsteuergerät hinten rechts
14. Motor für Heckklappenentriegelung, Taster für Entriegelung, Heckklappengriff, Schließeinheit für	1430
Heckklappe
15. Schiebedachmotor, Taster für Schiebedach, Regler für Schiebedachverstellung, Steuergerät für	1431
Schiebedach
16. Automatisch abblendbarer Innenspiegel, Bordnetzsteuergerät	1432
17. Alarmhorn, Kontaktschalter für Motorhaube, Kofferraumleuchte, Sensor für Innenraumüberwachung	1433
18. Diagnose-Interface für Datenbus, Steuergerät für Bordnetz	1434
167 - Grundausstattung	1435-1456
1. Grundausstattung	1435
2. Batterie, Sicherungen, Relais 2 für Spannungsversorgung der Klemme 30, Relais 2 für	1436
Spannungsversorgung, Klemme 15, Bordnetzsteuergerät
3. Sicherungen, Entlastungsrelais für X-Kontakt, Bordnetzsteuergerät	1437
4. Lampen für Scheinwerfer links, Lampe für Nebelscheinwerfer links und rechts, Stellmotor links	1438
für Leuchtweiteregelung
5. Lampen für Scheinwerfer rechts, Regler für Schalter- und Instrumentenbeleuchtung, Einsteller für	1439
Leuchtweiteregelung, Stellmotor rechts für Leuchtweiteregelung
6. Schalter für Nebelschlussleuchte, Lichtschalter, Schalter für Nebelscheinwerfer, Lampe für	1440
Lichtschalterbeleuchtung
7. Lampe für Bremslicht hinten, Lampen für Blinklicht hinten, Steuergerät für Bordnetz	1441
8. Schalter für Scheibenwischer, Scheibenwischerschalter für Intervallbetrieb, Regler für	1442
Scheibenwischer-Intervallschaltung, Lenkwinkelgeber
9. Zündanlassschalter, Blinklichtschalter, Schalter für Handabblendung und Lichthupe, Schalter für	1443
GRA, SET-Taster für GRA, Lenkwinkelgeber
10. Lampe für Rückfahrlicht links und rechts, Lampe für Schlussleuchte links und rechts, Lampe für	1444
Nebelschlussleuchten links und rechts, Kennzeichenleuchte
11. Lampen für Seitenblinkleuchte, Scheibenwischermotoren, Steuergerät für Waschermotor, Fahrerseite	1445
und Beifahrerseite, Relais 2 für Doppelwaschpumpe
12. Scheibenwaschpumpe, Lampe für Innenleuchte Bremslicht, Heckscheibenheizung, Motor für	1446
Heckscheibenwischer, Relais für beheizbare Heckscheibe, Relais 1 für Doppelwaschpumpe,
Bordnetzsteuergerät
13. Hochtonhorn, Tieftonhorn, Relais für Doppeltonhorn	1447
14. Kontaktschalter für Make-up-Spiegel, beleuchtete Make-up-Spiegel, Leseleuchten vorn,	1448
Make-up-Spiegel, Leseleuchte vorn, Innenleuchte mit Ausschaltverzögerung
15. Zigarrenanzünder, Leseleuchte hinten, 12-V-Steckdose im Kofferraum, Bordnetzsteuergerät	1449
16. Warnblinkschalter, Schalter für Rückfahrleuchten, Bordnetzsteuergerät	1450
17. Vorwiderstand für Warmluftgebläse mit Überhitzungssicherung, Stellmotor der Umluftklappe,	1451
Frischluftgebläse, Steuergerät für Heizung
18. Lesespule für Wegfahrsicherung, Schalter für Handbremskontrolle, Warnkontakt für	1452
Bremsflüssigkeitsstand, Schaltafeleinsatz, Steuergerät für Wegfahrsicherung
19. Öldruckschalter, Schaltafeleinsatz, Temperaturfühler für Außentemperatur, Geber für	1453
Kühlmitteltemperaturanzeige
20. Schaltafeleinsatz, Steuergerät für Bordnetz, Kontrolllampen	1454
21. Schaltafeleinsatz, Diagnose-Interface für Datenbus, Kontrollleuchten	1455
22. Diagnoseanschluss, Diagnose-Interface für Datenbus, Steuergerät für Bordnetz	1456
168 - 1,4 l - MPI/63 kW, Motorkennbuchstaben BXW	1457-1475
1. 1,4 l - MPI/63 kW, Motorkennbuchstaben BXW	1457
2. Motorsteuergerät, Batterie, Anlasser	1458
3. Zündanlass-Schalter, Schalter für GRA, SET-Taster für GRA, Steuergerät für Lenksäulenelektronik	1459
4. Relais für Spannungsversorgung der Klemme 30, Steuergerät für Lenksäulenelektronik	1460
5. Sicherungen	1461
6. Kraftstoffpumpe, Kraftstoffpumpenrelais, Geber für Kraftstoffvorrat, Geber für	1462
Kraftstoffvorratsanzeige
7. Drosselklappensteuereinheit, Steuergerät für 4HV	1463
8. Zündspulen 1, 2, 3 und 4 mit Leistungsendstufe, Zündkerzen, Zündkerzenstecker, Heizwiderstand	1464
für Kurbelgehäuseentlüftung, Steuergerät für 4HV
9. Relais für Spannungsversorgung, Klemme 50, Motordrehzahlgeber, Steuergerät für 4HV,	1465
Drosselklappensteuereinheit
10. Magnetventil 1 für Aktivkohlebehälter-Anlage, Ansauglufttemperaturgeber, Saugrohrdruckgeber,	1466
Steuergerät für 4HV
11. Klopfsensor 1, Hallgeber, Kühlmitteltemperaturgeber, Steuergerät für 4HV	1467
12. Einspritzventile, Lambdasonde, Steuergerät für 4HV	1468
13. Lambdasonde, Geber für Gaspedalstellung, Steuergerät für 4HV	1469
14. Bremslichtschalter, Bremspedalschalter, Kupplungspositionsgeber, Steuergerät für 4HV	1470
15. Kühlmitteltemperaturgeber am Kühlerausgang, Steuergerät für 4HV	1471
16. Relais 2 für Spannungsversorgung Kl. 15, Steuergerät für Bordnetz	1472
17. Schaltafeleinsatz, Diagnose-Interface für Datenbus	1473
18. Drehzahlmesser, Kraftstoffvorratsanzeige, Kontrollleuchte, Geber für Kühlmittelmangelanzeige,	1474
Kühlmitteltemperaturgeber, Geschwindigkeitsmesser
19. Warnsummer, Öldruckschalter, Schaltafeleinsatz, Kontrollleuchte für Ölstand, Kontrollleuchte	1475
für Öldruck
169 - 1,4 l - TFSI/92 kW, Motorkennbuchstaben CAXC	1476-1498
1. 1,4 l - TFSI/92 kW, Motorkennbuchstaben CAXC	1476
2. Motorsteuergerät, Batterie, Anlasser, Spannungsregler	1477
3. Zündanlass-Schalter, Schalter für GRA, Taster für GRA, Steuergerät für Lenksäulenelektronik	1478
4. Stromversorgungsrelais für Motronic, Steuergerät für Lenksäulenelektronik	1479
5. Sicherungen	1480
6. Sicherungen	1481
7. Pumpe für Kühlmittelumlauf, Relais für Kühlmittelzusatzpumpe	1482
8. Kraftstoffpumpe, Geber für Kraftstoffdruck, Motorsteuergerät, Steuergerät für	1483
Kraftstoffpumpe
9. Lambdasonde, Lambdasonde nach Katalysator, Kühlmitteltemperaturgeber am Kühlerausgang	1484
10. Saugrohrdruckgeber, Geber für Kraftstoffdruck, Hallgeber, Ladedruckgeber, Motorsteuergerät	1485
11. Kühlmitteltemperaturgeber, Motordrehzahlgeber, Klopfsensor 1, Motorsteuergerät	1486
12. Magnetventil 1 für Aktivkohlebehälter-Anlage, Magnetventil für Ladedruckbegrenzung, Ventil 1 für	1487
Nockenwellenverstellung, Motorsteuergerät
13. Zündspulen 1 und 2 mit Leistungsendstufe, Zündkerzen 1 und 2, Zündkerzenstecker 1 und 2,	1488
Motorsteuergerät
14. Zündspulen 3 und 4 mit Leistungsendstufe, Zündkerzen 3 und 4, Zündkerzenstecker 3 und 4,	1489
Motorsteuergerät, Regelventil für Kraftstoffdruck
15. Einspritzventil für Zylinder 1, Einspritzventil für Zylinder 2, Einspritzventil für Zylinder 3,	1490
Einspritzventil für Zylinder 4, Motorsteuergerät
16. Relais für Spannungsversorgung Klemme 30, Motorsteuergerät, Drosselklappensteuereinheit	1491
17. Gaspedalstellungsgeber, Geber 2 für Gaspedalstellung, Motorsteuergerät	1492
18. Bremslichtschalter, Bremspedalschalter, Kupplungspositionsgeber, Motorsteuergerät	1493
19. Motorsteuergerät, Bordnetzsteuergerät	1494
20. Sicherungen, Relais 2 für Spannungsversorgung Kl. 15, Steuergerät für Bordnetz	1495
21. Schaltafeleinsatz, Diagnose-Interface für Datenbus	1496
22. Drehzahlmesser, Kraftstoffvorratsanzeige, Kontrollleuchte, Geber für Kühlmittelmangelanzeige,	1497
23. Warnsummer, Öldruckschalter, Schaltafeleinsatz, Kontrollleuchte für Ölstand, Kontrollleuchte	1498
